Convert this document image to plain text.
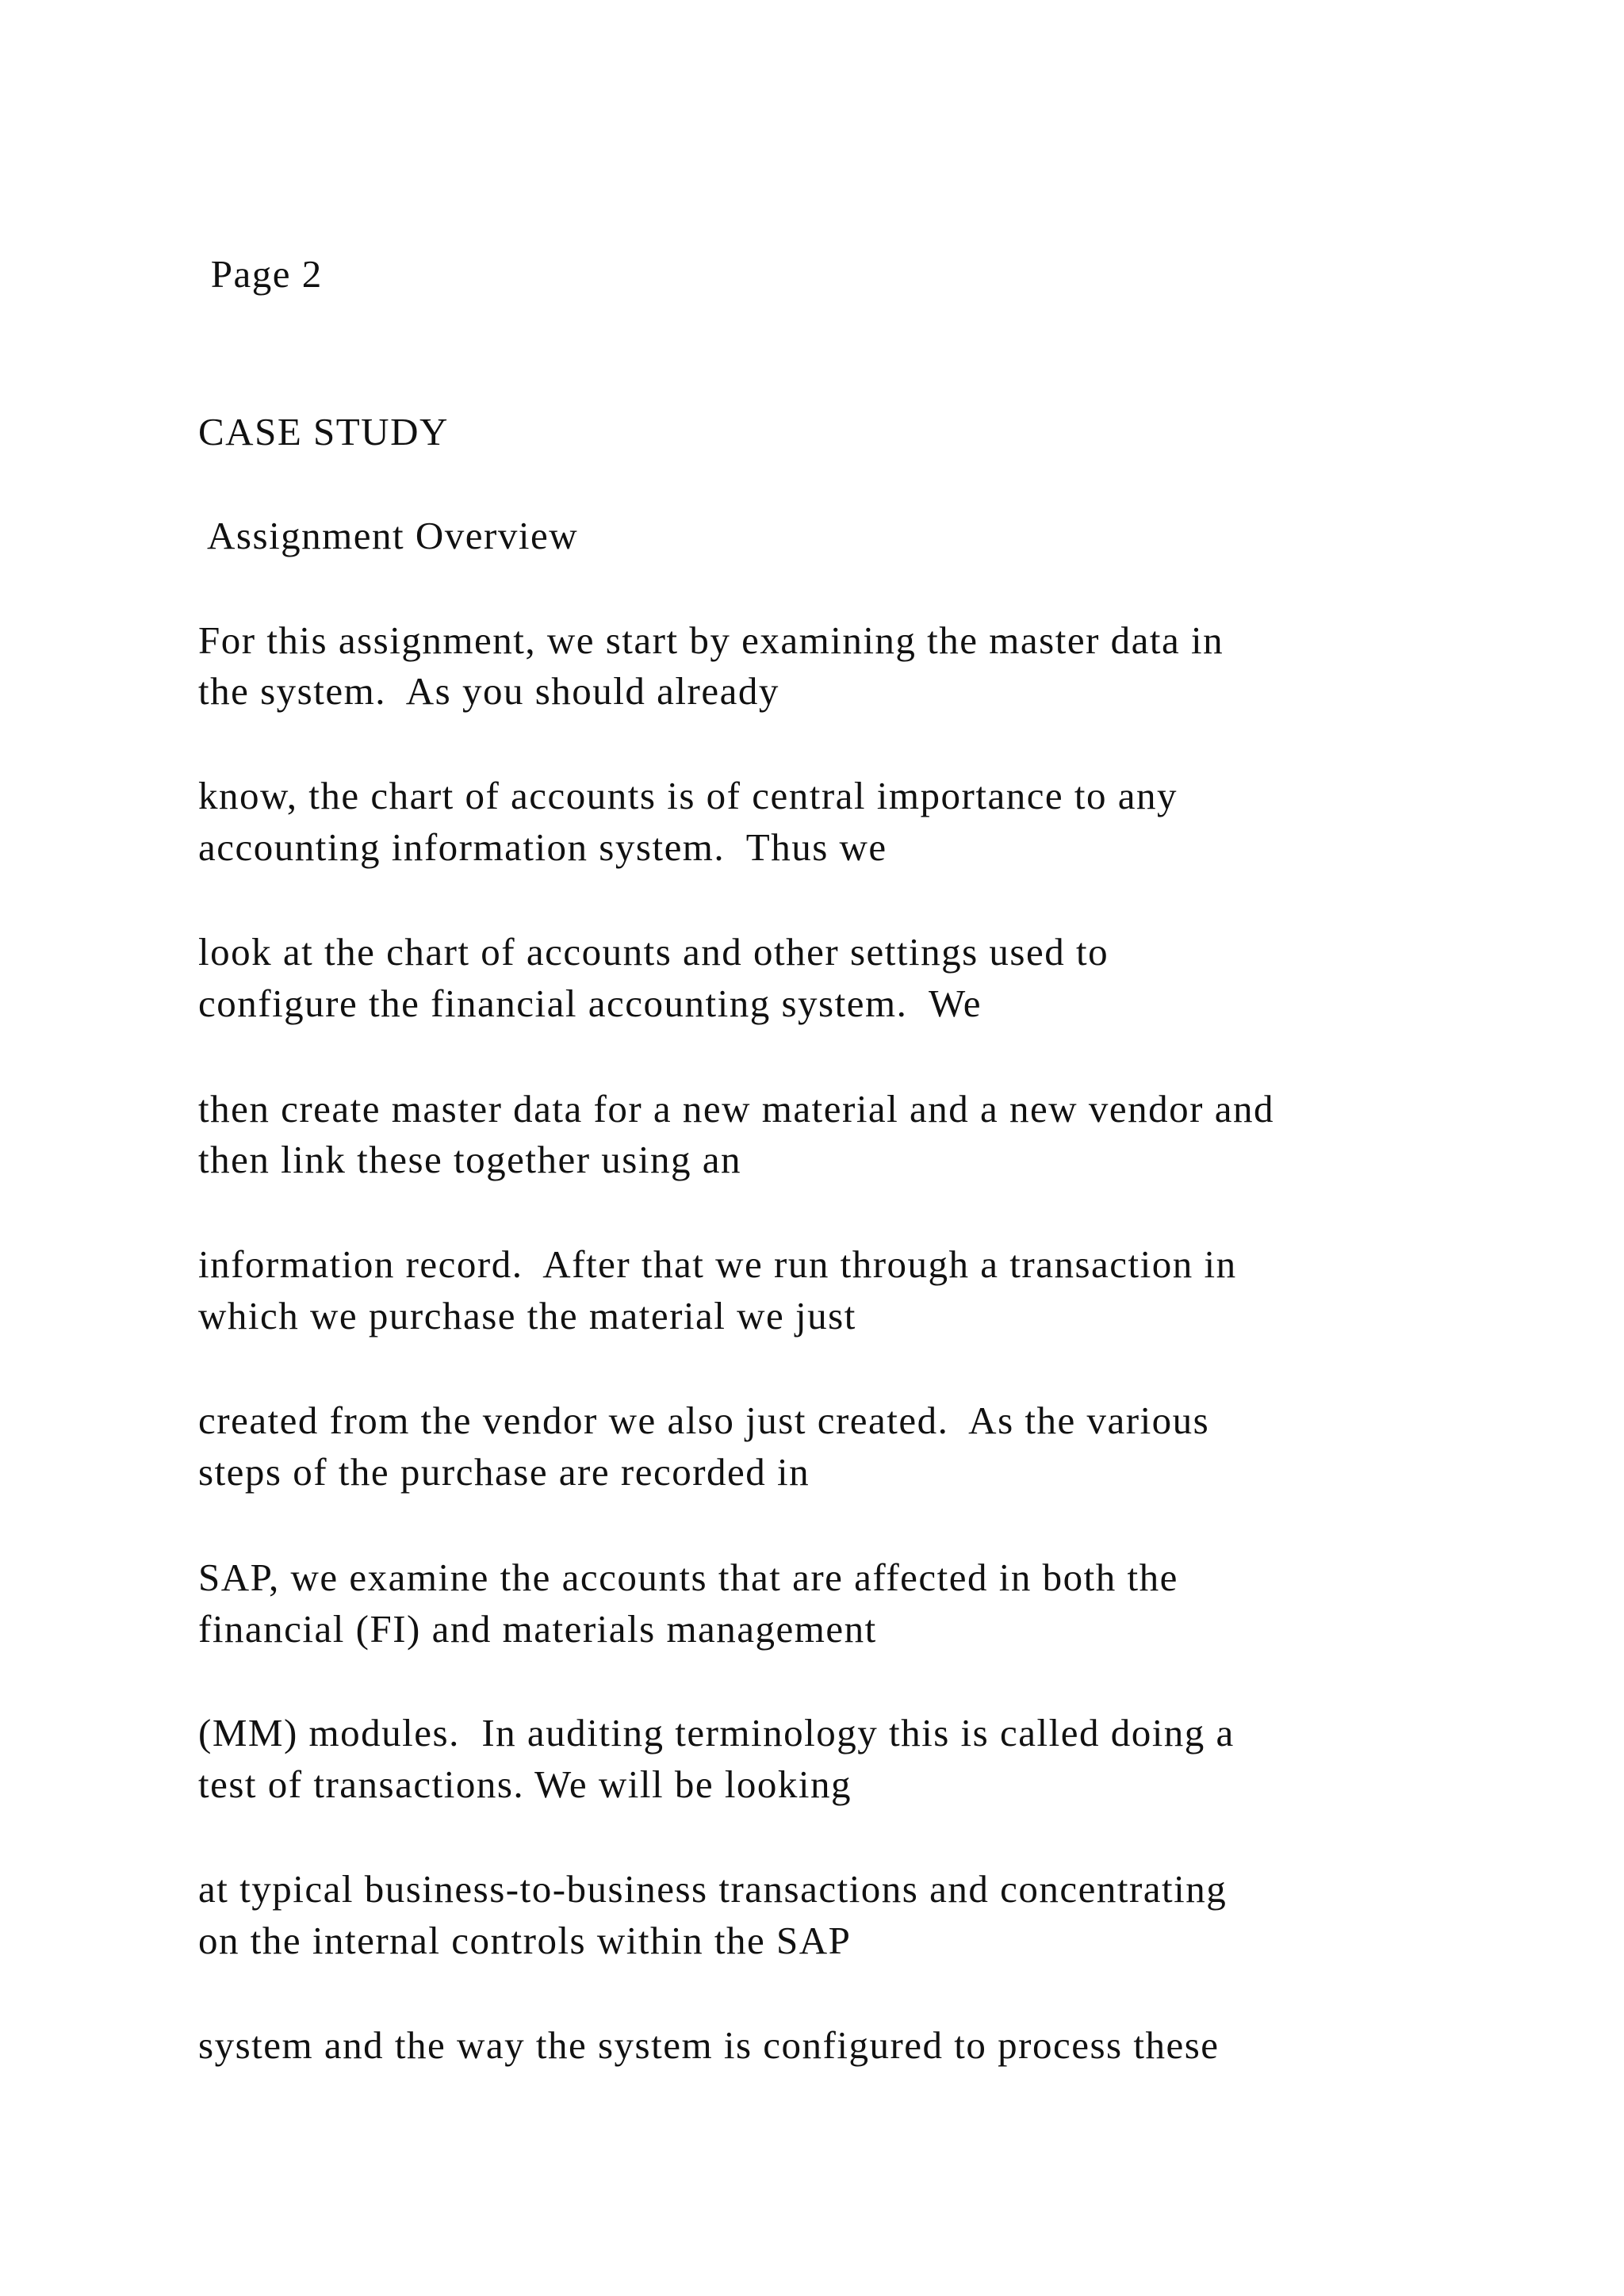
Page 2
CASE STUDY
Assignment Overview
For this assignment, we start by examining the master data in
the system.  As you should already
know, the chart of accounts is of central importance to any
accounting information system.  Thus we
look at the chart of accounts and other settings used to
configure the financial accounting system.  We
then create master data for a new material and a new vendor and
then link these together using an
information record.  After that we run through a transaction in
which we purchase the material we just
created from the vendor we also just created.  As the various
steps of the purchase are recorded in
SAP, we examine the accounts that are affected in both the
financial (FI) and materials management
(MM) modules.  In auditing terminology this is called doing a
test of transactions. We will be looking
at typical business-to-business transactions and concentrating
on the internal controls within the SAP
system and the way the system is configured to process these
